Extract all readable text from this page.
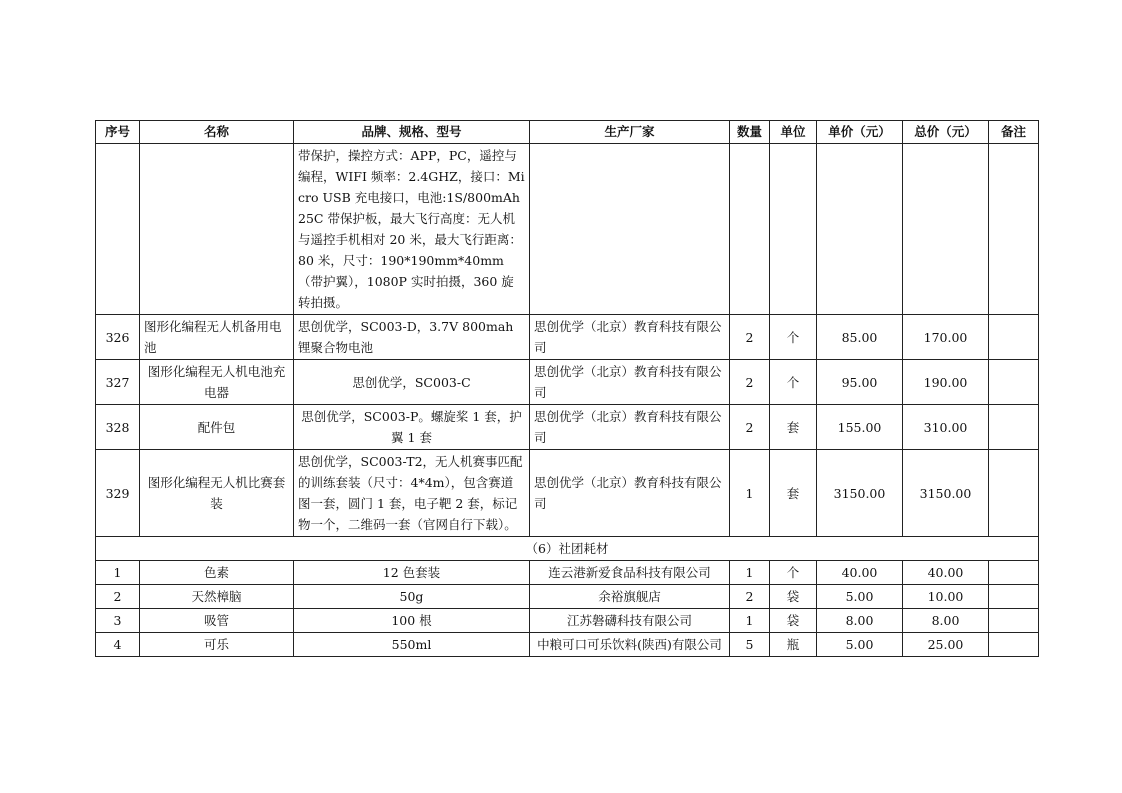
序号	名称	品牌、规格、型号	生产厂家	数量	单位	单价（元）	总价（元）	备注
		带保护，操控方式：APP，PC，遥控与编程，WIFI 频率：2.4GHZ，接口：Micro USB 充电接口，电池:1S/800mAh 25C 带保护板，最大飞行高度：无人机与遥控手机相对 20 米，最大飞行距离：80 米，尺寸：190*190mm*40mm（带护翼），1080P 实时拍摄，360 旋转拍摄。						
326	图形化编程无人机备用电池	思创优学，SC003-D，3.7V 800mah 锂聚合物电池	思创优学（北京）教育科技有限公司	2	个	85.00	170.00	
327	图形化编程无人机电池充电器	思创优学，SC003-C	思创优学（北京）教育科技有限公司	2	个	95.00	190.00	
328	配件包	思创优学，SC003-P。螺旋桨 1 套，护翼 1 套	思创优学（北京）教育科技有限公司	2	套	155.00	310.00	
329	图形化编程无人机比赛套装	思创优学，SC003-T2，无人机赛事匹配的训练套装（尺寸：4*4m），包含赛道图一套，圆门 1 套，电子靶 2 套，标记物一个，二维码一套（官网自行下载）。	思创优学（北京）教育科技有限公司	1	套	3150.00	3150.00	
（6）社团耗材								
1	色素	12 色套装	连云港新爱食品科技有限公司	1	个	40.00	40.00	
2	天然樟脑	50g	余裕旗舰店	2	袋	5.00	10.00	
3	吸管	100 根	江苏磐礴科技有限公司	1	袋	8.00	8.00	
4	可乐	550ml	中粮可口可乐饮料(陕西)有限公司	5	瓶	5.00	25.00	
